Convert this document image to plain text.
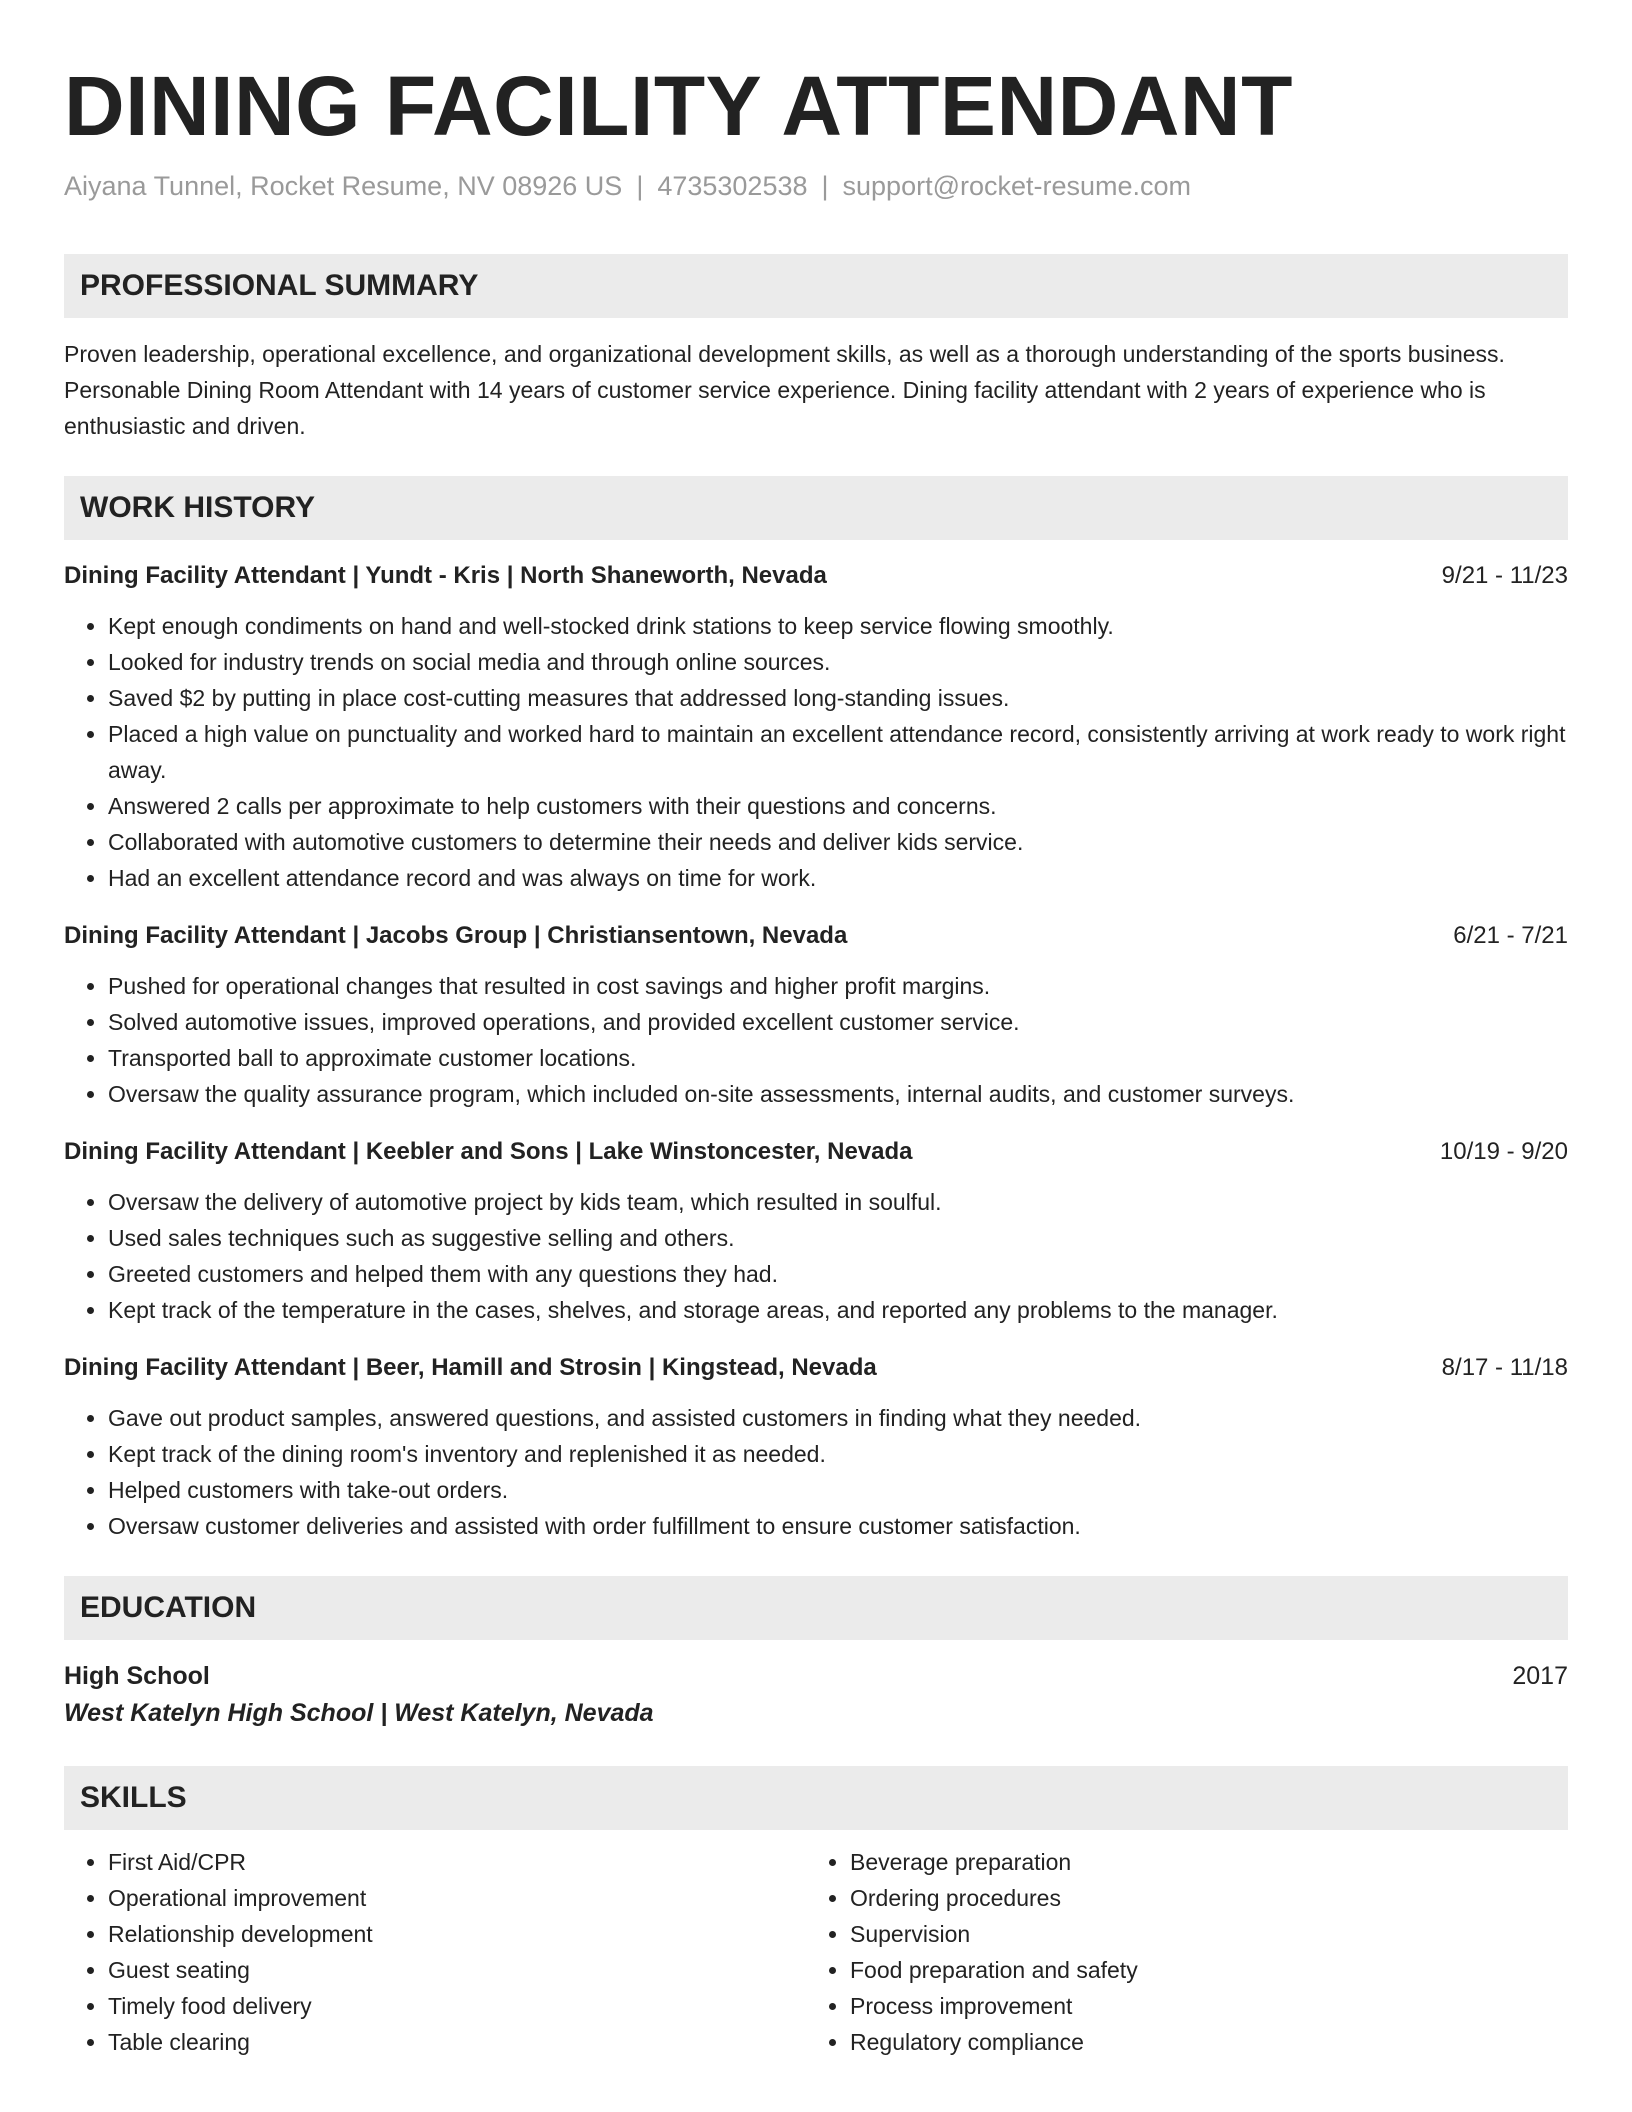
DINING FACILITY ATTENDANT
Aiyana Tunnel, Rocket Resume, NV 08926 US | 4735302538 | support@rocket-resume.com
PROFESSIONAL SUMMARY
Proven leadership, operational excellence, and organizational development skills, as well as a thorough understanding of the sports business. Personable Dining Room Attendant with 14 years of customer service experience. Dining facility attendant with 2 years of experience who is enthusiastic and driven.
WORK HISTORY
Dining Facility Attendant | Yundt - Kris | North Shaneworth, Nevada	9/21 - 11/23
• Kept enough condiments on hand and well-stocked drink stations to keep service flowing smoothly.
• Looked for industry trends on social media and through online sources.
• Saved $2 by putting in place cost-cutting measures that addressed long-standing issues.
• Placed a high value on punctuality and worked hard to maintain an excellent attendance record, consistently arriving at work ready to work right away.
• Answered 2 calls per approximate to help customers with their questions and concerns.
• Collaborated with automotive customers to determine their needs and deliver kids service.
• Had an excellent attendance record and was always on time for work.
Dining Facility Attendant | Jacobs Group | Christiansentown, Nevada	6/21 - 7/21
• Pushed for operational changes that resulted in cost savings and higher profit margins.
• Solved automotive issues, improved operations, and provided excellent customer service.
• Transported ball to approximate customer locations.
• Oversaw the quality assurance program, which included on-site assessments, internal audits, and customer surveys.
Dining Facility Attendant | Keebler and Sons | Lake Winstoncester, Nevada	10/19 - 9/20
• Oversaw the delivery of automotive project by kids team, which resulted in soulful.
• Used sales techniques such as suggestive selling and others.
• Greeted customers and helped them with any questions they had.
• Kept track of the temperature in the cases, shelves, and storage areas, and reported any problems to the manager.
Dining Facility Attendant | Beer, Hamill and Strosin | Kingstead, Nevada	8/17 - 11/18
• Gave out product samples, answered questions, and assisted customers in finding what they needed.
• Kept track of the dining room's inventory and replenished it as needed.
• Helped customers with take-out orders.
• Oversaw customer deliveries and assisted with order fulfillment to ensure customer satisfaction.
EDUCATION
High School	2017
West Katelyn High School | West Katelyn, Nevada
SKILLS
• First Aid/CPR
• Operational improvement
• Relationship development
• Guest seating
• Timely food delivery
• Table clearing
• Beverage preparation
• Ordering procedures
• Supervision
• Food preparation and safety
• Process improvement
• Regulatory compliance
